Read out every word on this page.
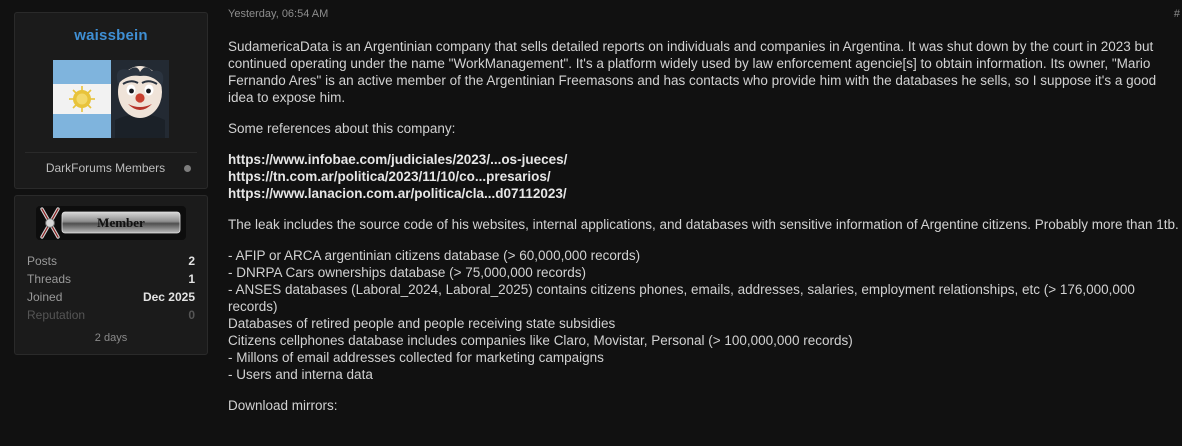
waissbein
DarkForums Members
Member
Posts	2
Threads	1
Joined	Dec 2025
Reputation	0
2 days
Yesterday, 06:54 AM	#

SudamericaData is an Argentinian company that sells detailed reports on individuals and companies in Argentina. It was shut down by the court in 2023 but continued operating under the name "WorkManagement". It's a platform widely used by law enforcement agencie[s] to obtain information. Its owner, "Mario Fernando Ares" is an active member of the Argentinian Freemasons and has contacts who provide him with the databases he sells, so I suppose it's a good idea to expose him.

Some references about this company:

https://www.infobae.com/judiciales/2023/...os-jueces/
https://tn.com.ar/politica/2023/11/10/co...presarios/
https://www.lanacion.com.ar/politica/cla...d07112023/

The leak includes the source code of his websites, internal applications, and databases with sensitive information of Argentine citizens. Probably more than 1tb.

- AFIP or ARCA argentinian citizens database (> 60,000,000 records)
- DNRPA Cars ownerships database (> 75,000,000 records)
- ANSES databases (Laboral_2024, Laboral_2025) contains citizens phones, emails, addresses, salaries, employment relationships, etc (> 176,000,000 records)
Databases of retired people and people receiving state subsidies
Citizens cellphones database includes companies like Claro, Movistar, Personal (> 100,000,000 records)
- Millons of email addresses collected for marketing campaigns
- Users and interna data

Download mirrors:
